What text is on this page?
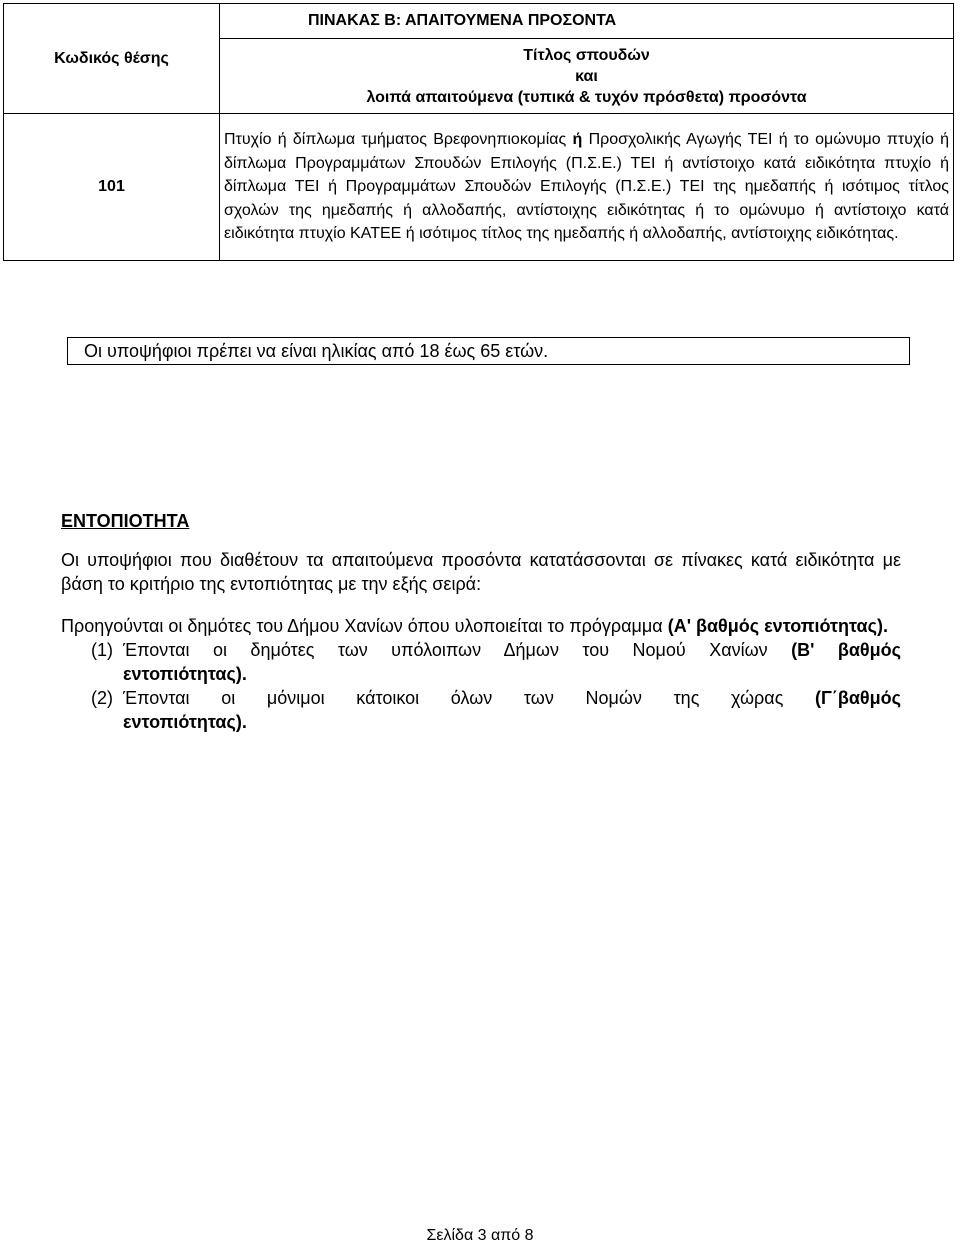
Κωδικός θέσης	ΠΙΝΑΚΑΣ Β: ΑΠΑΙΤΟΥΜΕΝΑ ΠΡΟΣΟΝΤΑ

	Τίτλος σπουδών
και
λοιπά απαιτούμενα (τυπικά & τυχόν πρόσθετα) προσόντα

101	Πτυχίο ή δίπλωμα τμήματος Βρεφονηπιοκομίας ή Προσχολικής Αγωγής ΤΕΙ ή το ομώνυμο πτυχίο ή δίπλωμα Προγραμμάτων Σπουδών Επιλογής (Π.Σ.Ε.) ΤΕΙ ή αντίστοιχο κατά ειδικότητα πτυχίο ή δίπλωμα ΤΕΙ ή Προγραμμάτων Σπουδών Επιλογής (Π.Σ.Ε.) ΤΕΙ της ημεδαπής ή ισότιμος τίτλος σχολών της ημεδαπής ή αλλοδαπής, αντίστοιχης ειδικότητας ή το ομώνυμο ή αντίστοιχο κατά ειδικότητα πτυχίο ΚΑΤΕΕ ή ισότιμος τίτλος της ημεδαπής ή αλλοδαπής, αντίστοιχης ειδικότητας.
Οι υποψήφιοι πρέπει να είναι ηλικίας από 18 έως 65 ετών.
ΕΝΤΟΠΙΟΤΗΤΑ
Οι υποψήφιοι που διαθέτουν τα απαιτούμενα προσόντα κατατάσσονται σε πίνακες κατά ειδικότητα με βάση το κριτήριο της εντοπιότητας με την εξής σειρά:
Προηγούνται οι δημότες του Δήμου Χανίων όπου υλοποιείται το πρόγραμμα (Α' βαθμός εντοπιότητας).
(1) Έπονται οι δημότες των υπόλοιπων Δήμων του Νομού Χανίων (Β' βαθμός
εντοπιότητας).
(2) Έπονται οι μόνιμοι κάτοικοι όλων των Νομών της χώρας (Γ΄βαθμός
εντοπιότητας).
Σελίδα 3 από 8
